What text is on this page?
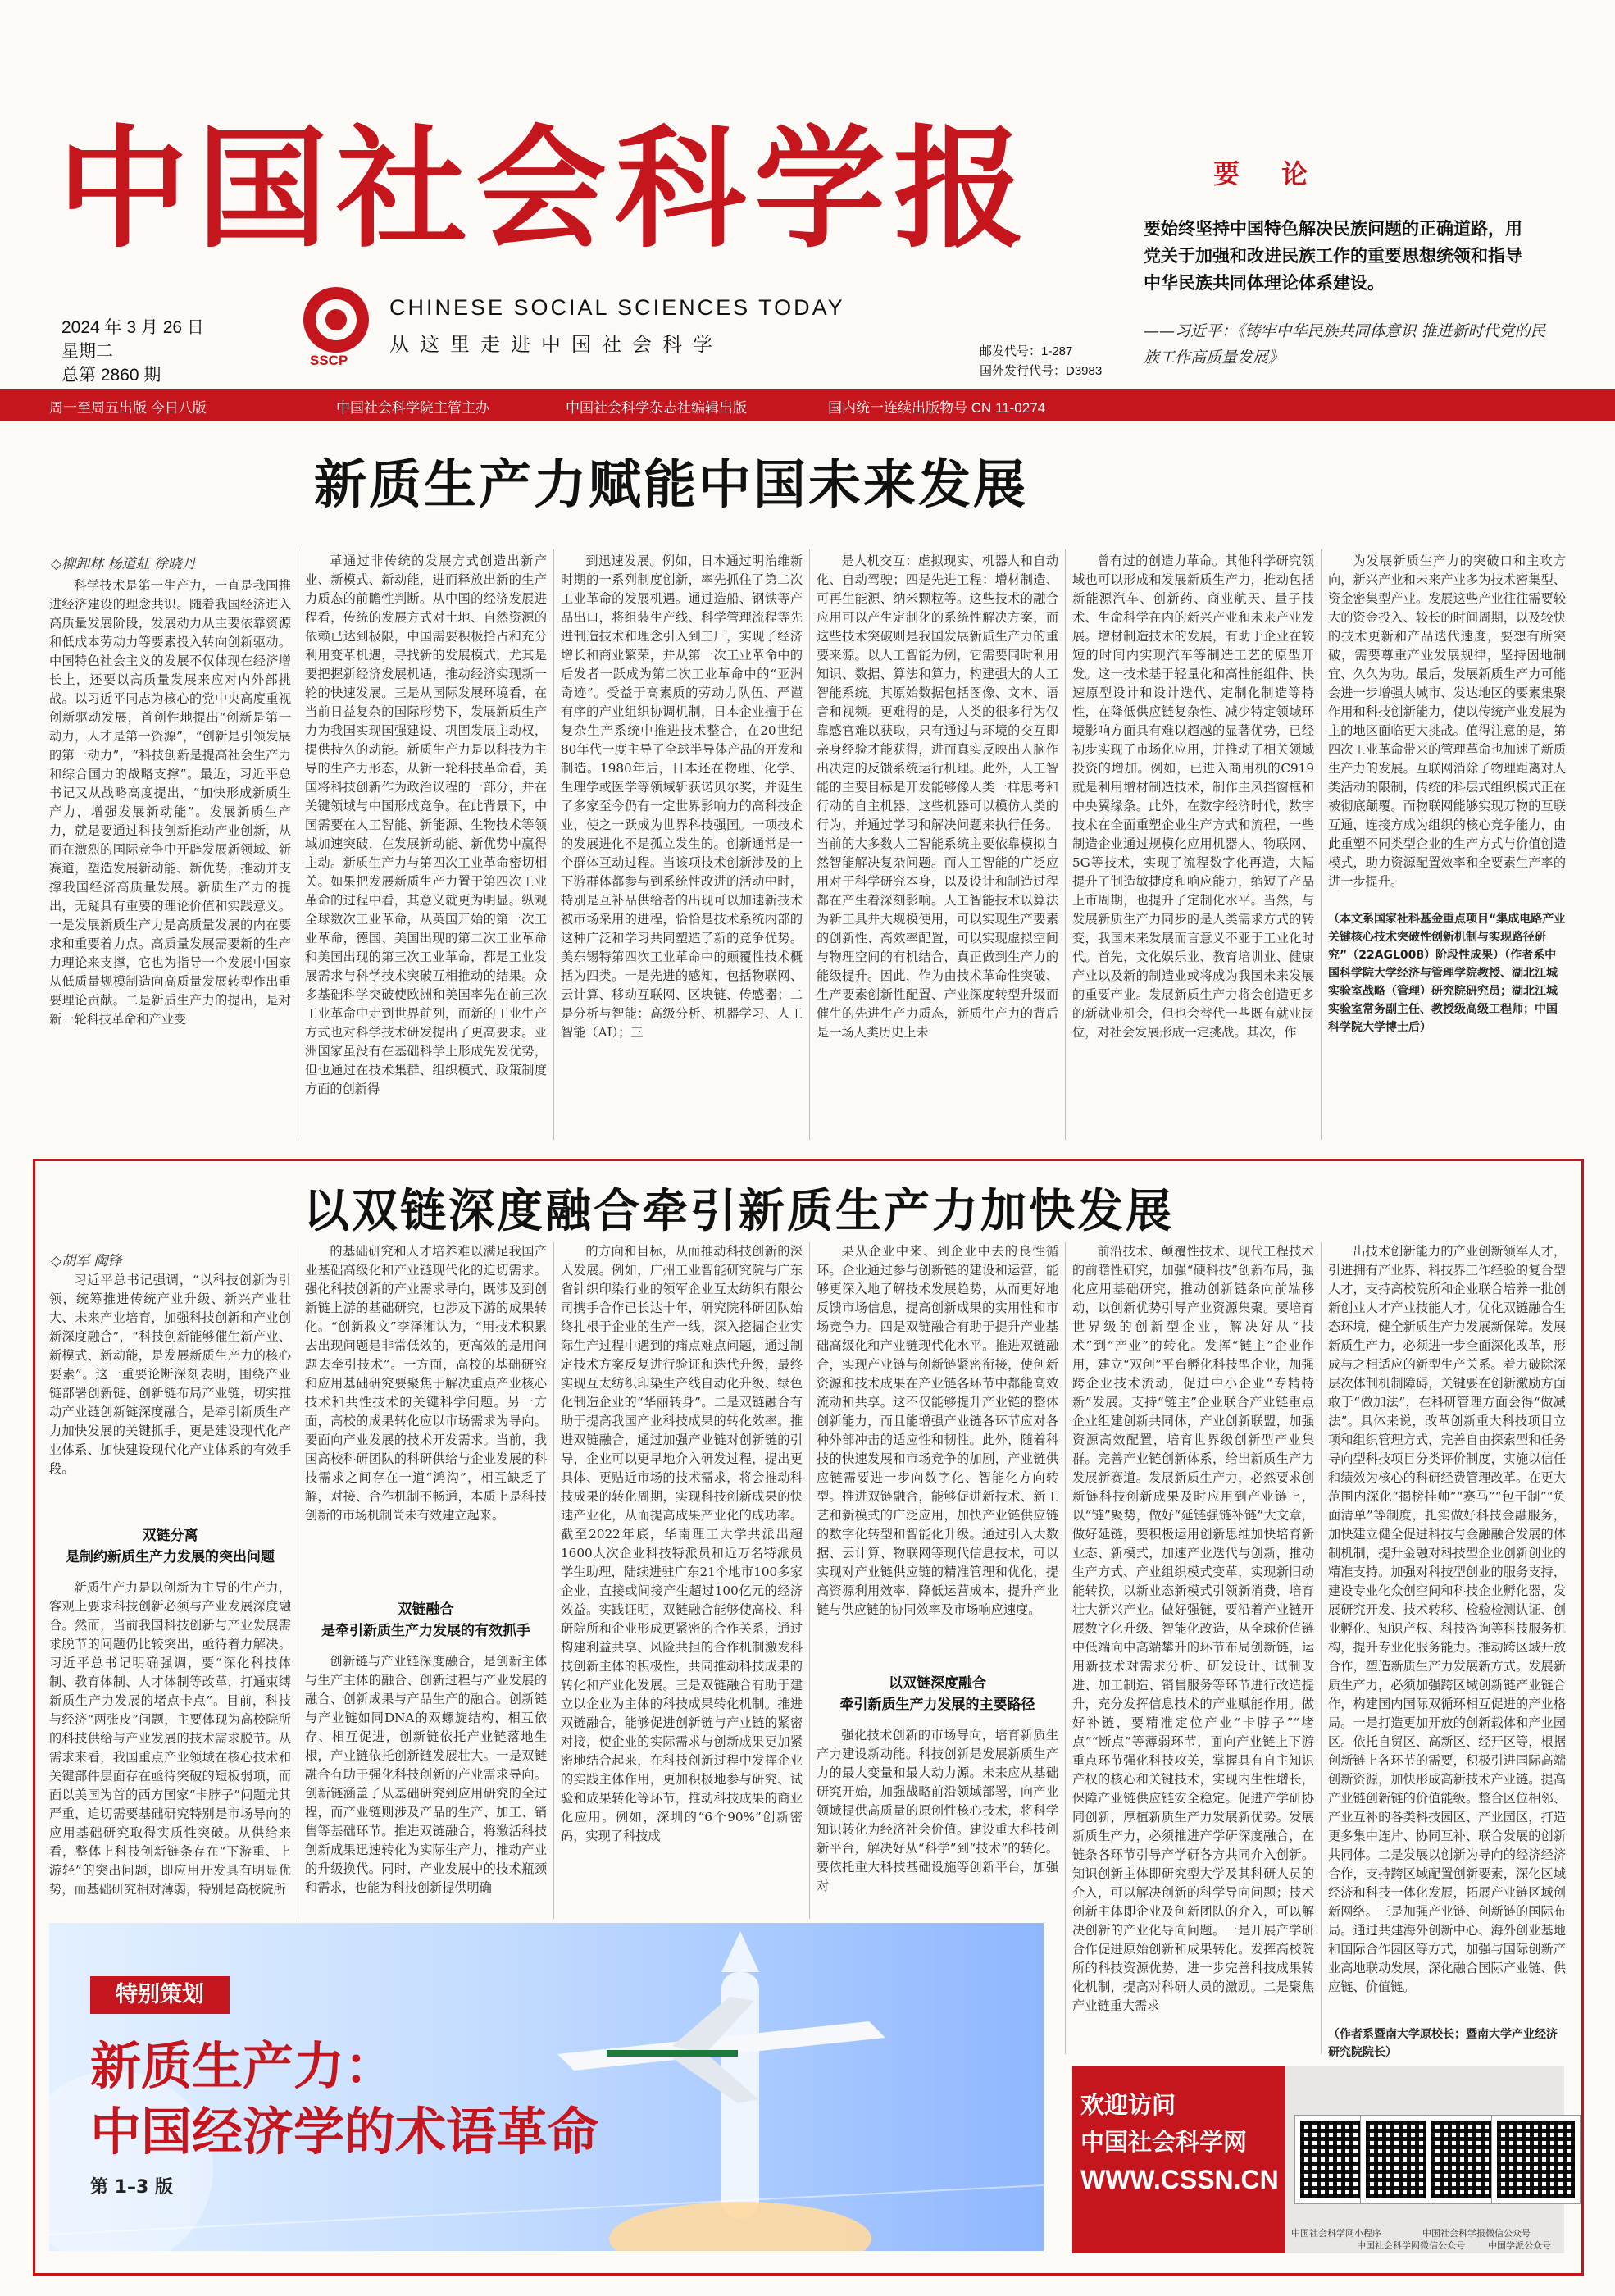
中国社会科学报
2024 年 3 月 26 日
星期二
总第 2860 期
SSCP
CHINESE SOCIAL SCIENCES TODAY
从这里走进中国社会科学	邮发代号：1-287
国外发行代号：D3983
要 论
要始终坚持中国特色解决民族问题的正确道路，用党关于加强和改进民族工作的重要思想统领和指导中华民族共同体理论体系建设。
——习近平：《铸牢中华民族共同体意识 推进新时代党的民族工作高质量发展》
周一至周五出版 今日八版	中国社会科学院主管主办	中国社会科学杂志社编辑出版	国内统一连续出版物号 CN 11-0274
新质生产力赋能中国未来发展
◇柳卸林 杨道虹 徐晓丹

科学技术是第一生产力，一直是我国推进经济建设的理念共识。随着我国经济进入高质量发展阶段，发展动力从主要依靠资源和低成本劳动力等要素投入转向创新驱动。中国特色社会主义的发展不仅体现在经济增长上，还要以高质量发展来应对内外部挑战。以习近平同志为核心的党中央高度重视创新驱动发展，首创性地提出“创新是第一动力，人才是第一资源”，“创新是引领发展的第一动力”，“科技创新是提高社会生产力和综合国力的战略支撑”。最近，习近平总书记又从战略高度提出，“加快形成新质生产力，增强发展新动能”。发展新质生产力，就是要通过科技创新推动产业创新，从而在激烈的国际竞争中开辟发展新领域、新赛道，塑造发展新动能、新优势，推动并支撑我国经济高质量发展。新质生产力的提出，无疑具有重要的理论价值和实践意义。一是发展新质生产力是高质量发展的内在要求和重要着力点。高质量发展需要新的生产力理论来支撑，它也为指导一个发展中国家从低质量规模制造向高质量发展转型作出重要理论贡献。二是新质生产力的提出，是对新一轮科技革命和产业变

革通过非传统的发展方式创造出新产业、新模式、新动能，进而释放出新的生产力质态的前瞻性判断。从中国的经济发展进程看，传统的发展方式对土地、自然资源的依赖已达到极限，中国需要积极拾占和充分利用变革机遇，寻找新的发展模式，尤其是要把握新经济发展机遇，推动经济实现新一轮的快速发展。三是从国际发展环境看，在当前日益复杂的国际形势下，发展新质生产力为我国实现国强建设、巩固发展主动权，提供持久的动能。新质生产力是以科技为主导的生产力形态，从新一轮科技革命看，美国将科技创新作为政治议程的一部分，并在关键领域与中国形成竞争。在此背景下，中国需要在人工智能、新能源、生物技术等领域加速突破，在发展新动能、新优势中赢得主动。新质生产力与第四次工业革命密切相关。如果把发展新质生产力置于第四次工业革命的过程中看，其意义就更为明显。纵观全球数次工业革命，从英国开始的第一次工业革命，德国、美国出现的第二次工业革命和美国出现的第三次工业革命，都是工业发展需求与科学技术突破互相推动的结果。众多基础科学突破使欧洲和美国率先在前三次工业革命中走到世界前列，而新的工业生产方式也对科学技术研发提出了更高要求。亚洲国家虽没有在基础科学上形成先发优势，但也通过在技术集群、组织模式、政策制度方面的创新得

到迅速发展。例如，日本通过明治维新时期的一系列制度创新，率先抓住了第二次工业革命的发展机遇。通过造船、钢铁等产品出口，将组装生产线、科学管理流程等先进制造技术和理念引入到工厂，实现了经济增长和商业繁荣，并从第一次工业革命中的后发者一跃成为第二次工业革命中的“亚洲奇迹”。受益于高素质的劳动力队伍、严谨有序的产业组织协调机制，日本企业擅于在复杂生产系统中推进技术整合，在20世纪80年代一度主导了全球半导体产品的开发和制造。1980年后，日本还在物理、化学、生理学或医学等领域斩获诺贝尔奖，并诞生了多家至今仍有一定世界影响力的高科技企业，使之一跃成为世界科技强国。一项技术的发展进化不是孤立发生的。创新通常是一个群体互动过程。当该项技术创新涉及的上下游群体都参与到系统性改进的活动中时，特别是互补品供给者的出现可以加速新技术被市场采用的进程，恰恰是技术系统内部的这种广泛和学习共同塑造了新的竞争优势。美东锡特第四次工业革命中的颠覆性技术概括为四类。一是先进的感知，包括物联网、云计算、移动互联网、区块链、传感器；二是分析与智能：高级分析、机器学习、人工智能（AI）；三

是人机交互：虚拟现实、机器人和自动化、自动驾驶；四是先进工程：增材制造、可再生能源、纳米颗粒等。这些技术的融合应用可以产生定制化的系统性解决方案，而这些技术突破则是我国发展新质生产力的重要来源。以人工智能为例，它需要同时利用知识、数据、算法和算力，构建强大的人工智能系统。其原始数据包括图像、文本、语音和视频。更难得的是，人类的很多行为仅靠感官难以获取，只有通过与环境的交互即亲身经验才能获得，进而真实反映出人脑作出决定的反馈系统运行机理。此外，人工智能的主要目标是开发能够像人类一样思考和行动的自主机器，这些机器可以模仿人类的行为，并通过学习和解决问题来执行任务。当前的大多数人工智能系统主要依靠模拟自然智能解决复杂问题。而人工智能的广泛应用对于科学研究本身，以及设计和制造过程都在产生着深刻影响。人工智能技术以算法为新工具并大规模使用，可以实现生产要素的创新性、高效率配置，可以实现虚拟空间与物理空间的有机结合，真正做到生产力的能级提升。因此，作为由技术革命性突破、生产要素创新性配置、产业深度转型升级而催生的先进生产力质态，新质生产力的背后是一场人类历史上未

曾有过的创造力革命。其他科学研究领域也可以形成和发展新质生产力，推动包括新能源汽车、创新药、商业航天、量子技术、生命科学在内的新兴产业和未来产业发展。增材制造技术的发展，有助于企业在较短的时间内实现汽车等制造工艺的原型开发。这一技术基于轻量化和高性能组件、快速原型设计和设计迭代、定制化制造等特性，在降低供应链复杂性、减少特定领域环境影响方面具有难以超越的显著优势，已经初步实现了市场化应用，并推动了相关领域投资的增加。例如，已进入商用机的C919就是利用增材制造技术，制作主风挡窗框和中央翼缘条。此外，在数字经济时代，数字技术在全面重塑企业生产方式和流程，一些制造企业通过规模化应用机器人、物联网、5G等技术，实现了流程数字化再造，大幅提升了制造敏捷度和响应能力，缩短了产品上市周期，也提升了定制化水平。当然，与发展新质生产力同步的是人类需求方式的转变，我国未来发展而言意义不亚于工业化时代。首先，文化娱乐业、教育培训业、健康产业以及新的制造业或将成为我国未来发展的重要产业。发展新质生产力将会创造更多的新就业机会，但也会替代一些既有就业岗位，对社会发展形成一定挑战。其次，作

为发展新质生产力的突破口和主攻方向，新兴产业和未来产业多为技术密集型、资金密集型产业。发展这些产业往往需要较大的资金投入、较长的时间周期，以及较快的技术更新和产品迭代速度，要想有所突破，需要尊重产业发展规律，坚持因地制宜、久久为功。最后，发展新质生产力可能会进一步增强大城市、发达地区的要素集聚作用和科技创新能力，使以传统产业发展为主的地区面临更大挑战。值得注意的是，第四次工业革命带来的管理革命也加速了新质生产力的发展。互联网消除了物理距离对人类活动的限制，传统的科层式组织模式正在被彻底颠覆。而物联网能够实现万物的互联互通，连接方成为组织的核心竞争能力，由此重塑不同类型企业的生产方式与价值创造模式，助力资源配置效率和全要素生产率的进一步提升。

（本文系国家社科基金重点项目“集成电路产业关键核心技术突破性创新机制与实现路径研究”（22AGL008）阶段性成果）（作者系中国科学院大学经济与管理学院教授、湖北江城实验室战略（管理）研究院研究员；湖北江城实验室常务副主任、教授级高级工程师；中国科学院大学博士后）
以双链深度融合牵引新质生产力加快发展
◇胡军 陶锋

习近平总书记强调，“以科技创新为引领，统筹推进传统产业升级、新兴产业壮大、未来产业培育，加强科技创新和产业创新深度融合”，“科技创新能够催生新产业、新模式、新动能，是发展新质生产力的核心要素”。这一重要论断深刻表明，围绕产业链部署创新链、创新链布局产业链，切实推动产业链创新链深度融合，是牵引新质生产力加快发展的关键抓手，更是建设现代化产业体系、加快建设现代化产业体系的有效手段。

双链分离
是制约新质生产力发展的突出问题

新质生产力是以创新为主导的生产力，客观上要求科技创新必须与产业发展深度融合。然而，当前我国科技创新与产业发展需求脱节的问题仍比较突出，亟待着力解决。习近平总书记明确强调，要“深化科技体制、教育体制、人才体制等改革，打通束缚新质生产力发展的堵点卡点”。目前，科技与经济“两张皮”问题，主要体现为高校院所的科技供给与产业发展的技术需求脱节。从需求来看，我国重点产业领域在核心技术和关键部件层面存在亟待突破的短板弱项，而面以美国为首的西方国家“卡脖子”问题尤其严重，迫切需要基础研究特别是市场导向的应用基础研究取得实质性突破。从供给来看，整体上科技创新链条存在“下游重、上游轻”的突出问题，即应用开发具有明显优势，而基础研究相对薄弱，特别是高校院所

的基础研究和人才培养难以满足我国产业基础高级化和产业链现代化的迫切需求。强化科技创新的产业需求导向，既涉及到创新链上游的基础研究，也涉及下游的成果转化。“创新救文”李泽湘认为，“用技术积累去出现问题是非常低效的，更高效的是用问题去牵引技术”。一方面，高校的基础研究和应用基础研究要聚焦于解决重点产业核心技术和共性技术的关键科学问题。另一方面，高校的成果转化应以市场需求为导向。要面向产业发展的技术开发需求。当前，我国高校科研团队的科研供给与企业发展的科技需求之间存在一道“鸿沟”，相互缺乏了解，对接、合作机制不畅通，本质上是科技创新的市场机制尚未有效建立起来。

双链融合
是牵引新质生产力发展的有效抓手

创新链与产业链深度融合，是创新主体与生产主体的融合、创新过程与产业发展的融合、创新成果与产品生产的融合。创新链与产业链如同DNA的双螺旋结构，相互依存、相互促进，创新链依托产业链落地生根，产业链依托创新链发展壮大。一是双链融合有助于强化科技创新的产业需求导向。创新链涵盖了从基础研究到应用研究的全过程，而产业链则涉及产品的生产、加工、销售等基础环节。推进双链融合，将激活科技创新成果迅速转化为实际生产力，推动产业的升级换代。同时，产业发展中的技术瓶颈和需求，也能为科技创新提供明确

的方向和目标，从而推动科技创新的深入发展。例如，广州工业智能研究院与广东省针织印染行业的领军企业互太纺织有限公司携手合作已长达十年，研究院科研团队始终扎根于企业的生产一线，深入挖掘企业实际生产过程中遇到的痛点难点问题，通过制定技术方案反复进行验证和迭代升级，最终实现互太纺织印染生产线自动化升级、绿色化制造企业的“华丽转身”。二是双链融合有助于提高我国产业科技成果的转化效率。推进双链融合，通过加强产业链对创新链的引导，企业可以更早地介入研发过程，提出更具体、更贴近市场的技术需求，将会推动科技成果的转化周期，实现科技创新成果的快速产业化，从而提高成果产业化的成功率。截至2022年底，华南理工大学共派出超1600人次企业科技特派员和近万名特派员学生助理，陆续进驻广东21个地市100多家企业，直接或间接产生超过100亿元的经济效益。实践证明，双链融合能够使高校、科研院所和企业形成更紧密的合作关系，通过构建利益共享、风险共担的合作机制激发科技创新主体的积极性，共同推动科技成果的转化和产业化发展。三是双链融合有助于建立以企业为主体的科技成果转化机制。推进双链融合，能够促进创新链与产业链的紧密对接，使企业的实际需求与创新成果更加紧密地结合起来，在科技创新过程中发挥企业的实践主体作用，更加积极地参与研究、试验和成果转化等环节，推动科技成果的商业化应用。例如，深圳的“6个90%”创新密码，实现了科技成

果从企业中来、到企业中去的良性循环。企业通过参与创新链的建设和运营，能够更深入地了解技术发展趋势，从而更好地反馈市场信息，提高创新成果的实用性和市场竞争力。四是双链融合有助于提升产业基础高级化和产业链现代化水平。推进双链融合，实现产业链与创新链紧密衔接，使创新资源和技术成果在产业链各环节中都能高效流动和共享。这不仅能够提升产业链的整体创新能力，而且能增强产业链各环节应对各种外部冲击的适应性和韧性。此外，随着科技的快速发展和市场竞争的加剧，产业链供应链需要进一步向数字化、智能化方向转型。推进双链融合，能够促进新技术、新工艺和新模式的广泛应用，加快产业链供应链的数字化转型和智能化升级。通过引入大数据、云计算、物联网等现代信息技术，可以实现对产业链供应链的精准管理和优化，提高资源利用效率，降低运营成本，提升产业链与供应链的协同效率及市场响应速度。

以双链深度融合
牵引新质生产力发展的主要路径

强化技术创新的市场导向，培育新质生产力建设新动能。科技创新是发展新质生产力的最大变量和最大动力源。未来应从基础研究开始，加强战略前沿领域部署，向产业领域提供高质量的原创性核心技术，将科学知识转化为经济社会价值。建设重大科技创新平台，解决好从“科学”到“技术”的转化。要依托重大科技基础设施等创新平台，加强对

前沿技术、颠覆性技术、现代工程技术的前瞻性研究，加强“硬科技”创新布局，强化应用基础研究，推动创新链条向前端移动，以创新优势引导产业资源集聚。要培育世界级的创新型企业，解决好从“技术”到“产业”的转化。发挥“链主”企业作用，建立“双创”平台孵化科技型企业，加强跨企业技术流动，促进中小企业“专精特新”发展。支持“链主”企业联合产业链重点企业组建创新共同体，产业创新联盟，加强资源高效配置，培育世界级创新型产业集群。完善产业链创新体系，给出新质生产力发展新赛道。发展新质生产力，必然要求创新链科技创新成果及时应用到产业链上，以“链”聚势，做好“延链强链补链”大文章，做好延链，要积极运用创新思维加快培育新业态、新模式，加速产业迭代与创新，推动生产方式、产业组织模式变革，实现新旧动能转换，以新业态新模式引领新消费，培育壮大新兴产业。做好强链，要沿着产业链开展数字化升级、智能化改造，从全球价值链中低端向中高端攀升的环节布局创新链，运用新技术对需求分析、研发设计、试制改进、加工制造、销售服务等环节进行改造提升，充分发挥信息技术的产业赋能作用。做好补链，要精准定位产业“卡脖子”“堵点”“断点”等薄弱环节，面向产业链上下游重点环节强化科技攻关，掌握具有自主知识产权的核心和关键技术，实现内生性增长，保障产业链供应链安全稳定。促进产学研协同创新，厚植新质生产力发展新优势。发展新质生产力，必须推进产学研深度融合，在链条各环节引导产学研各方共同介入创新。知识创新主体即研究型大学及其科研人员的介入，可以解决创新的科学导向问题；技术创新主体即企业及创新团队的介入，可以解决创新的产业化导向问题。一是开展产学研合作促进原始创新和成果转化。发挥高校院所的科技资源优势，进一步完善科技成果转化机制，提高对科研人员的激励。二是聚焦产业链重大需求

出技术创新能力的产业创新领军人才，引进拥有产业界、科技界工作经验的复合型人才，支持高校院所和企业联合培养一批创新创业人才产业技能人才。优化双链融合生态环境，健全新质生产力发展新保障。发展新质生产力，必须进一步全面深化改革，形成与之相适应的新型生产关系。着力破除深层次体制机制障碍，关键要在创新激励方面敢于“做加法”，在科研管理方面会得“做减法”。具体来说，改革创新重大科技项目立项和组织管理方式，完善自由探索型和任务导向型科技项目分类评价制度，实施以信任和绩效为核心的科研经费管理改革。在更大范围内深化“揭榜挂帅”“赛马”“包干制”“负面清单”等制度，扎实做好科技金融服务，加快建立健全促进科技与金融融合发展的体制机制，提升金融对科技型企业创新创业的精准支持。加强对科技型创业的服务支持，建设专业化众创空间和科技企业孵化器，发展研究开发、技术转移、检验检测认证、创业孵化、知识产权、科技咨询等科技服务机构，提升专业化服务能力。推动跨区域开放合作，塑造新质生产力发展新方式。发展新质生产力，必须加强跨区域创新链产业链合作，构建国内国际双循环相互促进的产业格局。一是打造更加开放的创新载体和产业园区。依托自贸区、高新区、经开区等，根据创新链上各环节的需要，积极引进国际高端创新资源，加快形成高新技术产业链。提高产业链创新链的价值能级。整合区位相邻、产业互补的各类科技园区、产业园区，打造更多集中连片、协同互补、联合发展的创新共同体。二是发展以创新为导向的经济经济合作，支持跨区域配置创新要素，深化区域经济和科技一体化发展，拓展产业链区域创新网络。三是加强产业链、创新链的国际布局。通过共建海外创新中心、海外创业基地和国际合作园区等方式，加强与国际创新产业高地联动发展，深化融合国际产业链、供应链、价值链。

（作者系暨南大学原校长；暨南大学产业经济研究院院长）
特别策划
新质生产力：
中国经济学的术语革命
第 1–3 版
欢迎访问
中国社会科学网
WWW.CSSN.CN
中国社会科学网小程序
中国社会科学网微信公众号
中国社会科学报微信公众号
中国学派公众号
